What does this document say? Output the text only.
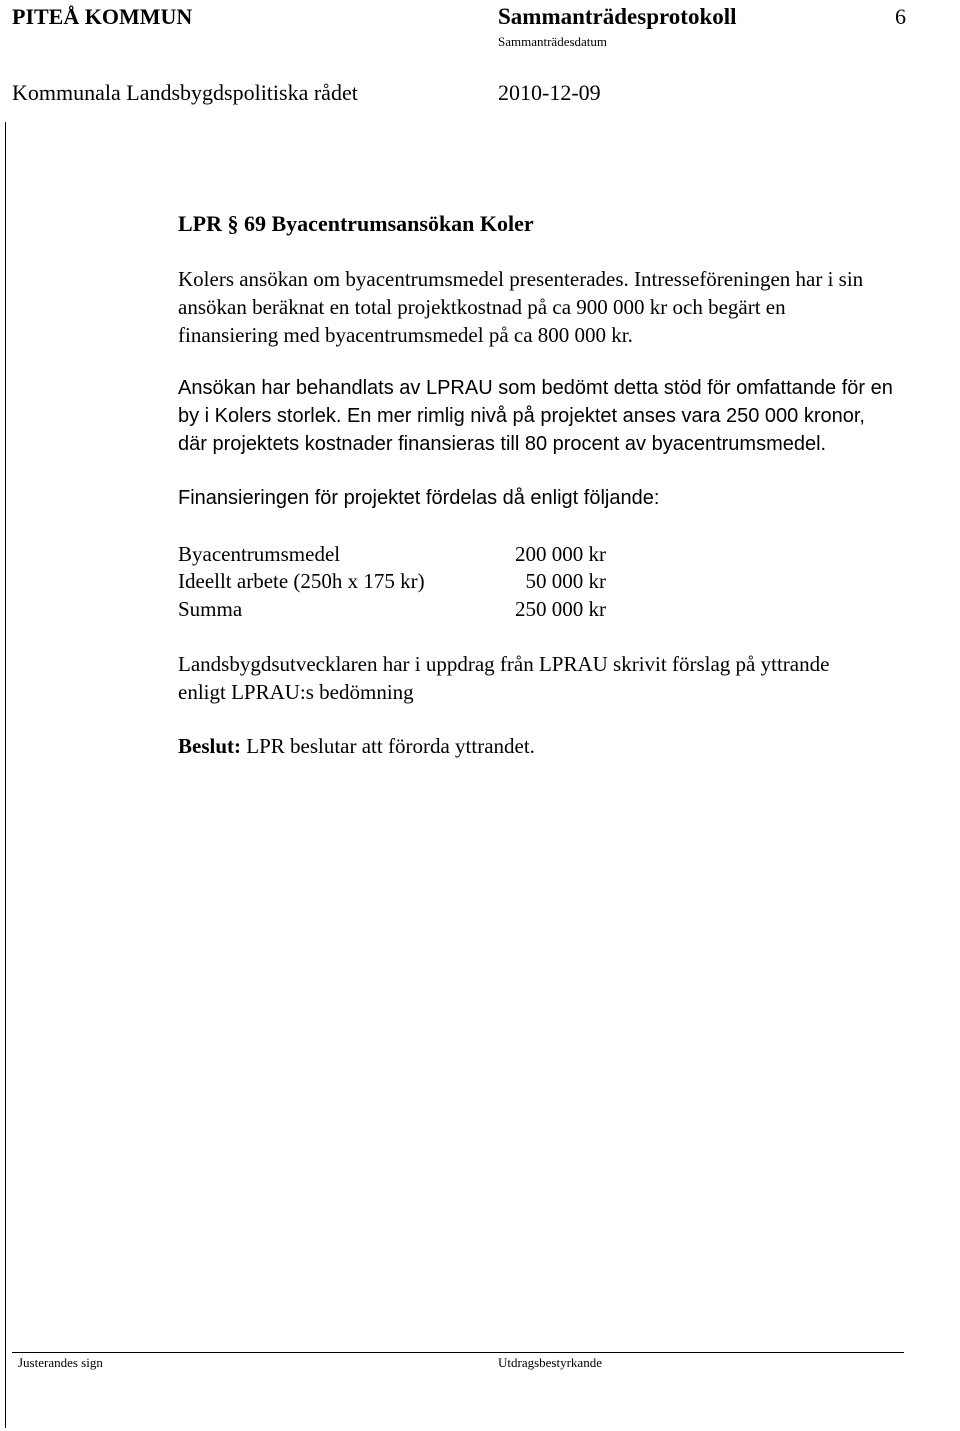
PITEÅ KOMMUN	Sammanträdesprotokoll	6
Sammanträdesdatum
Kommunala Landsbygdspolitiska rådet	2010-12-09
LPR § 69 Byacentrumsansökan Koler
Kolers ansökan om byacentrumsmedel presenterades. Intresseföreningen har i sin
ansökan beräknat en total projektkostnad på ca 900 000 kr och begärt en
finansiering med byacentrumsmedel på ca 800 000 kr.
Ansökan har behandlats av LPRAU som bedömt detta stöd för omfattande för en
by i Kolers storlek. En mer rimlig nivå på projektet anses vara 250 000 kronor,
där projektets kostnader finansieras till 80 procent av byacentrumsmedel.
Finansieringen för projektet fördelas då enligt följande:
Byacentrumsmedel	200 000 kr
Ideellt arbete (250h x 175 kr)	50 000 kr
Summa	250 000 kr
Landsbygdsutvecklaren har i uppdrag från LPRAU skrivit förslag på yttrande
enligt LPRAU:s bedömning
Beslut: LPR beslutar att förorda yttrandet.
Justerandes sign	Utdragsbestyrkande
